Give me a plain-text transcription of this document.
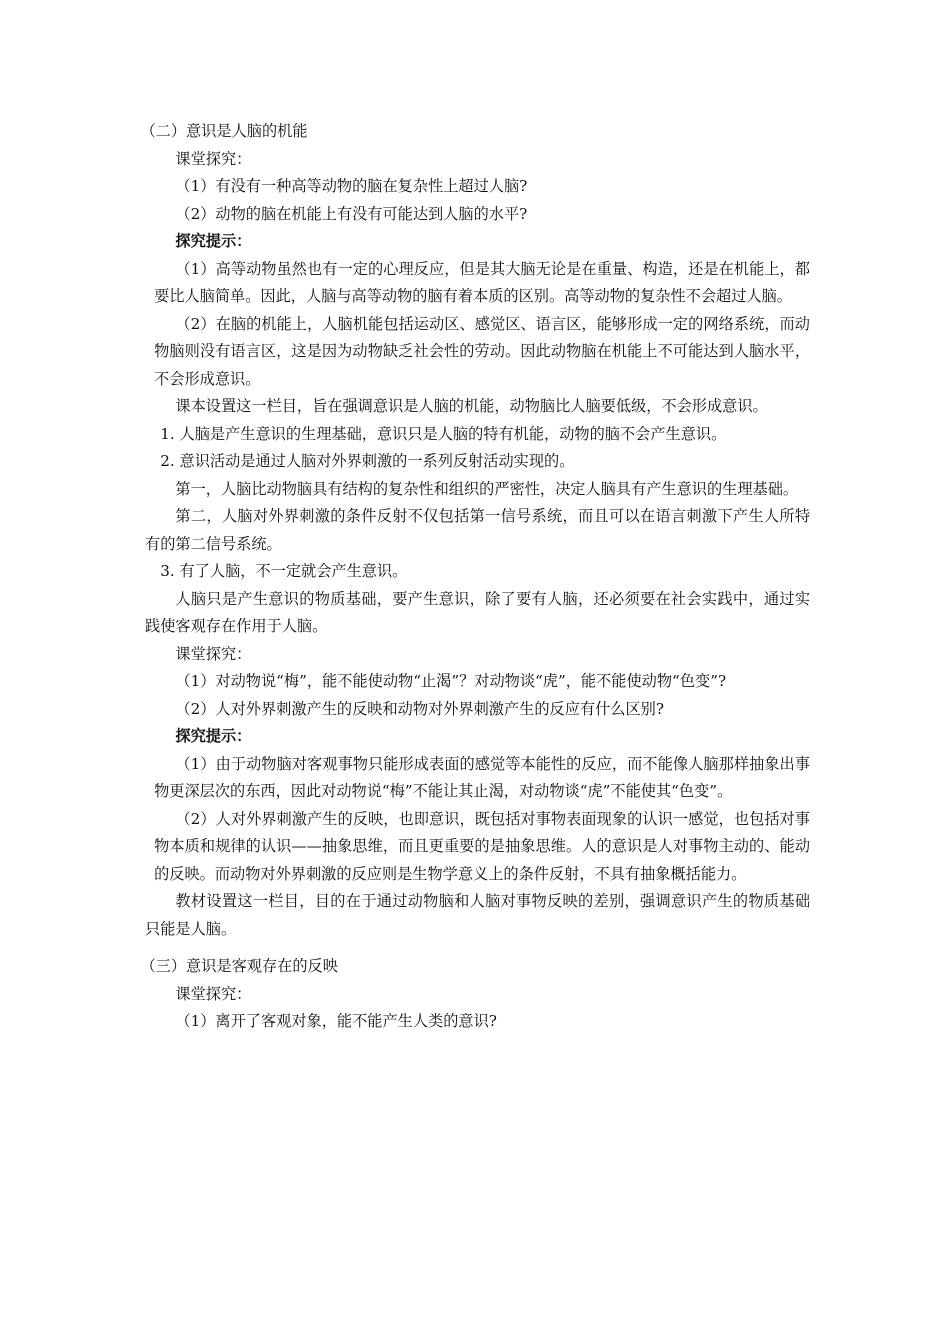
（二）意识是人脑的机能

课堂探究：

（1）有没有一种高等动物的脑在复杂性上超过人脑?

（2）动物的脑在机能上有没有可能达到人脑的水平?

探究提示：

（1）高等动物虽然也有一定的心理反应，但是其大脑无论是在重量、构造，还是在机能上，都要比人脑简单。因此，人脑与高等动物的脑有着本质的区别。高等动物的复杂性不会超过人脑。

（2）在脑的机能上，人脑机能包括运动区、感觉区、语言区，能够形成一定的网络系统，而动物脑则没有语言区，这是因为动物缺乏社会性的劳动。因此动物脑在机能上不可能达到人脑水平，不会形成意识。

课本设置这一栏目，旨在强调意识是人脑的机能，动物脑比人脑要低级，不会形成意识。

1. 人脑是产生意识的生理基础，意识只是人脑的特有机能，动物的脑不会产生意识。

2. 意识活动是通过人脑对外界刺激的一系列反射活动实现的。

第一，人脑比动物脑具有结构的复杂性和组织的严密性，决定人脑具有产生意识的生理基础。

第二，人脑对外界刺激的条件反射不仅包括第一信号系统，而且可以在语言刺激下产生人所特有的第二信号系统。

3. 有了人脑，不一定就会产生意识。

人脑只是产生意识的物质基础，要产生意识，除了要有人脑，还必须要在社会实践中，通过实践使客观存在作用于人脑。

课堂探究：

（1）对动物说“梅”，能不能使动物“止渴”？对动物谈“虎”，能不能使动物“色变”?

（2）人对外界刺激产生的反映和动物对外界刺激产生的反应有什么区别?

探究提示：

（1）由于动物脑对客观事物只能形成表面的感觉等本能性的反应，而不能像人脑那样抽象出事物更深层次的东西，因此对动物说“梅”不能让其止渴，对动物谈“虎”不能使其“色变”。

（2）人对外界刺激产生的反映，也即意识，既包括对事物表面现象的认识一感觉，也包括对事物本质和规律的认识——抽象思维，而且更重要的是抽象思维。人的意识是人对事物主动的、能动的反映。而动物对外界刺激的反应则是生物学意义上的条件反射，不具有抽象概括能力。

教材设置这一栏目，目的在于通过动物脑和人脑对事物反映的差别，强调意识产生的物质基础只能是人脑。

（三）意识是客观存在的反映

课堂探究：

（1）离开了客观对象，能不能产生人类的意识?
